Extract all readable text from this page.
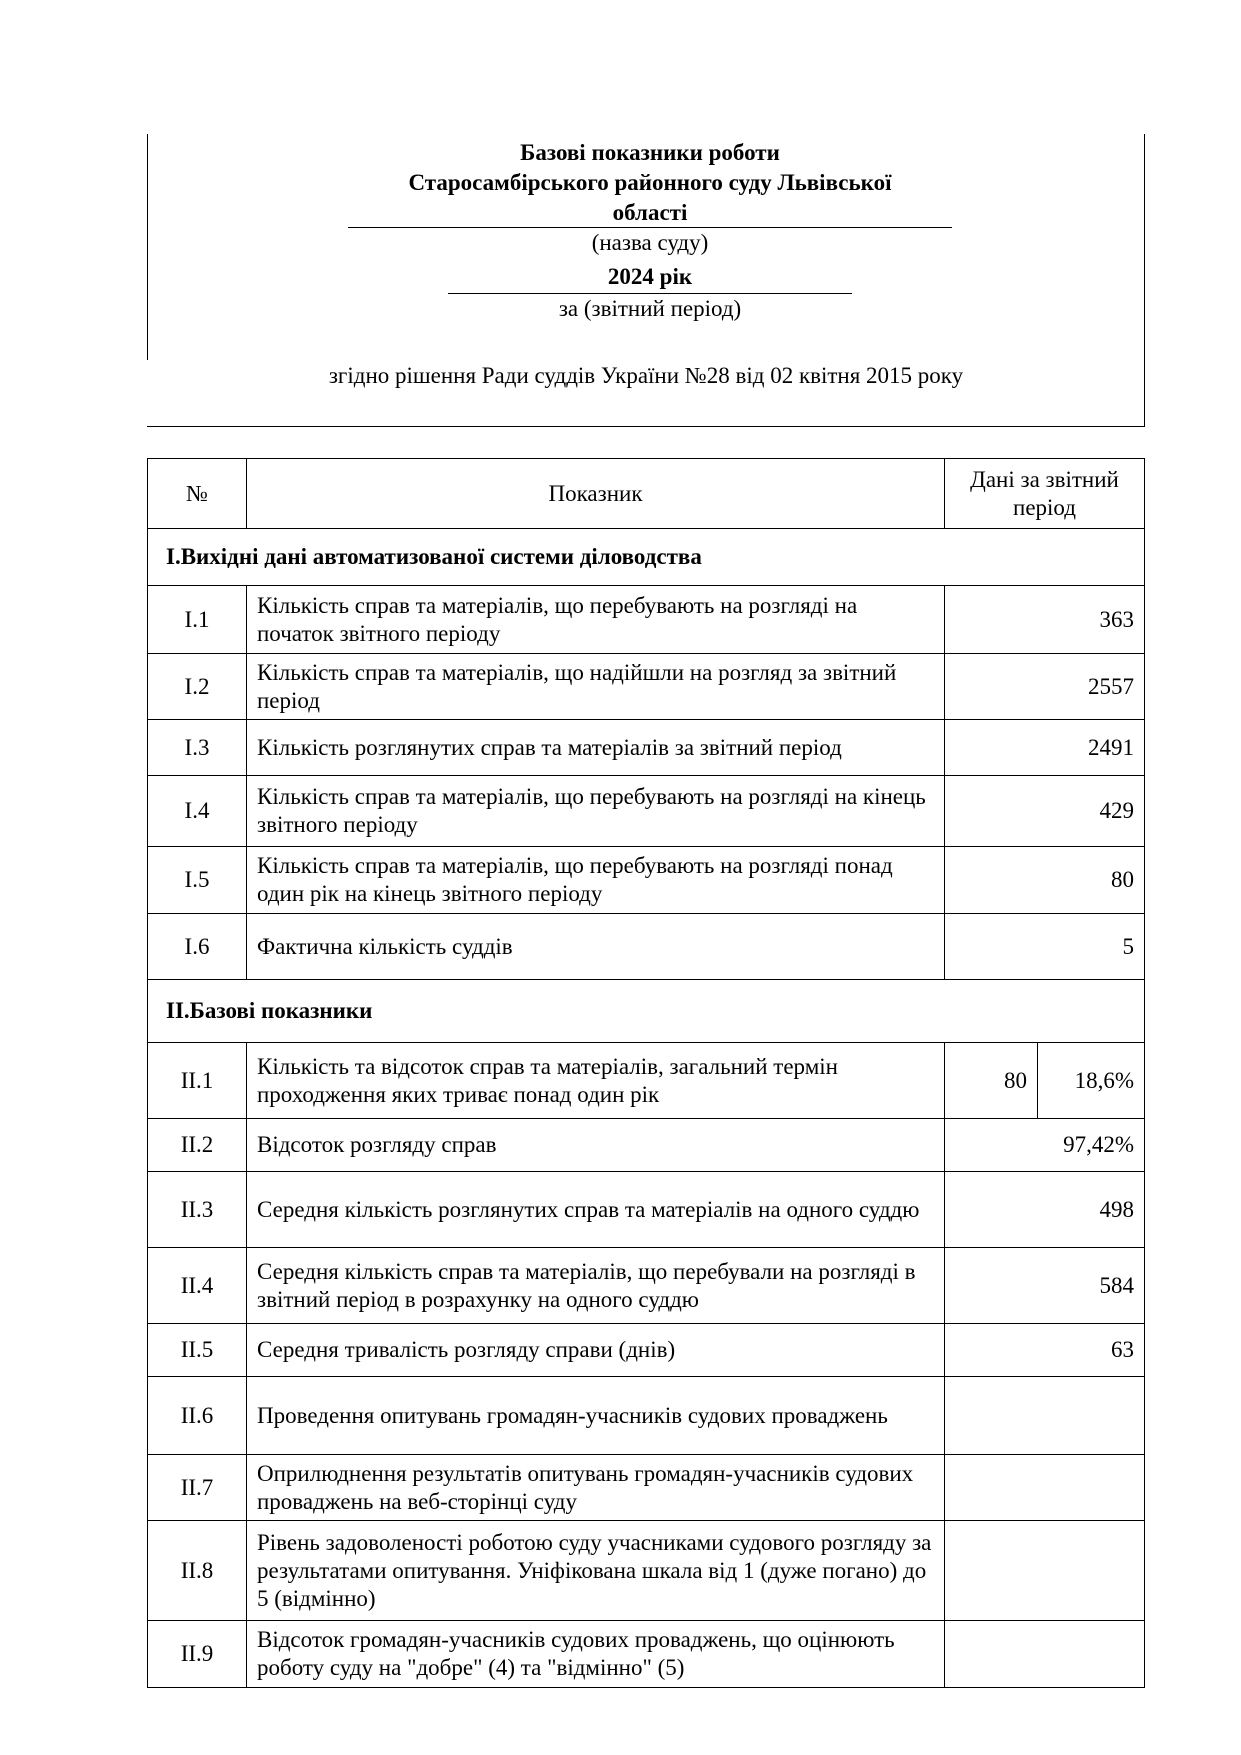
Базові показники роботи
Старосамбірського районного суду Львівської
області
(назва суду)
2024 рік
за (звітний період)
згідно рішення Ради суддів України №28 від 02 квітня 2015 року
№	Показник	Дані за звітний період	
I.Вихідні дані автоматизованої системи діловодства			
I.1	Кількість справ та матеріалів, що перебувають на розгляді на початок звітного періоду	363	
I.2	Кількість справ та матеріалів, що надійшли на розгляд за звітний період	2557	
I.3	Кількість розглянутих справ та матеріалів за звітний період	2491	
I.4	Кількість справ та матеріалів, що перебувають на розгляді на кінець звітного періоду	429	
I.5	Кількість справ та матеріалів, що перебувають на розгляді понад один рік на кінець звітного періоду	80	
I.6	Фактична кількість суддів	5	
II.Базові показники			
II.1	Кількість та відсоток справ та матеріалів, загальний термін проходження яких триває понад один рік	80	18,6%
II.2	Відсоток розгляду справ	97,42%	
II.3	Середня кількість розглянутих справ та матеріалів на одного суддю	498	
II.4	Середня кількість справ та матеріалів, що перебували на розгляді в звітний період в розрахунку на одного суддю	584	
II.5	Середня тривалість розгляду справи (днів)	63	
II.6	Проведення опитувань громадян-учасників судових проваджень		
II.7	Оприлюднення результатів опитувань громадян-учасників судових проваджень на веб-сторінці суду		
II.8	Рівень задоволеності роботою суду учасниками судового розгляду за результатами опитування. Уніфікована шкала від 1 (дуже погано) до 5 (відмінно)		
II.9	Відсоток громадян-учасників судових проваджень, що оцінюють роботу суду на "добре" (4) та "відмінно" (5)		
